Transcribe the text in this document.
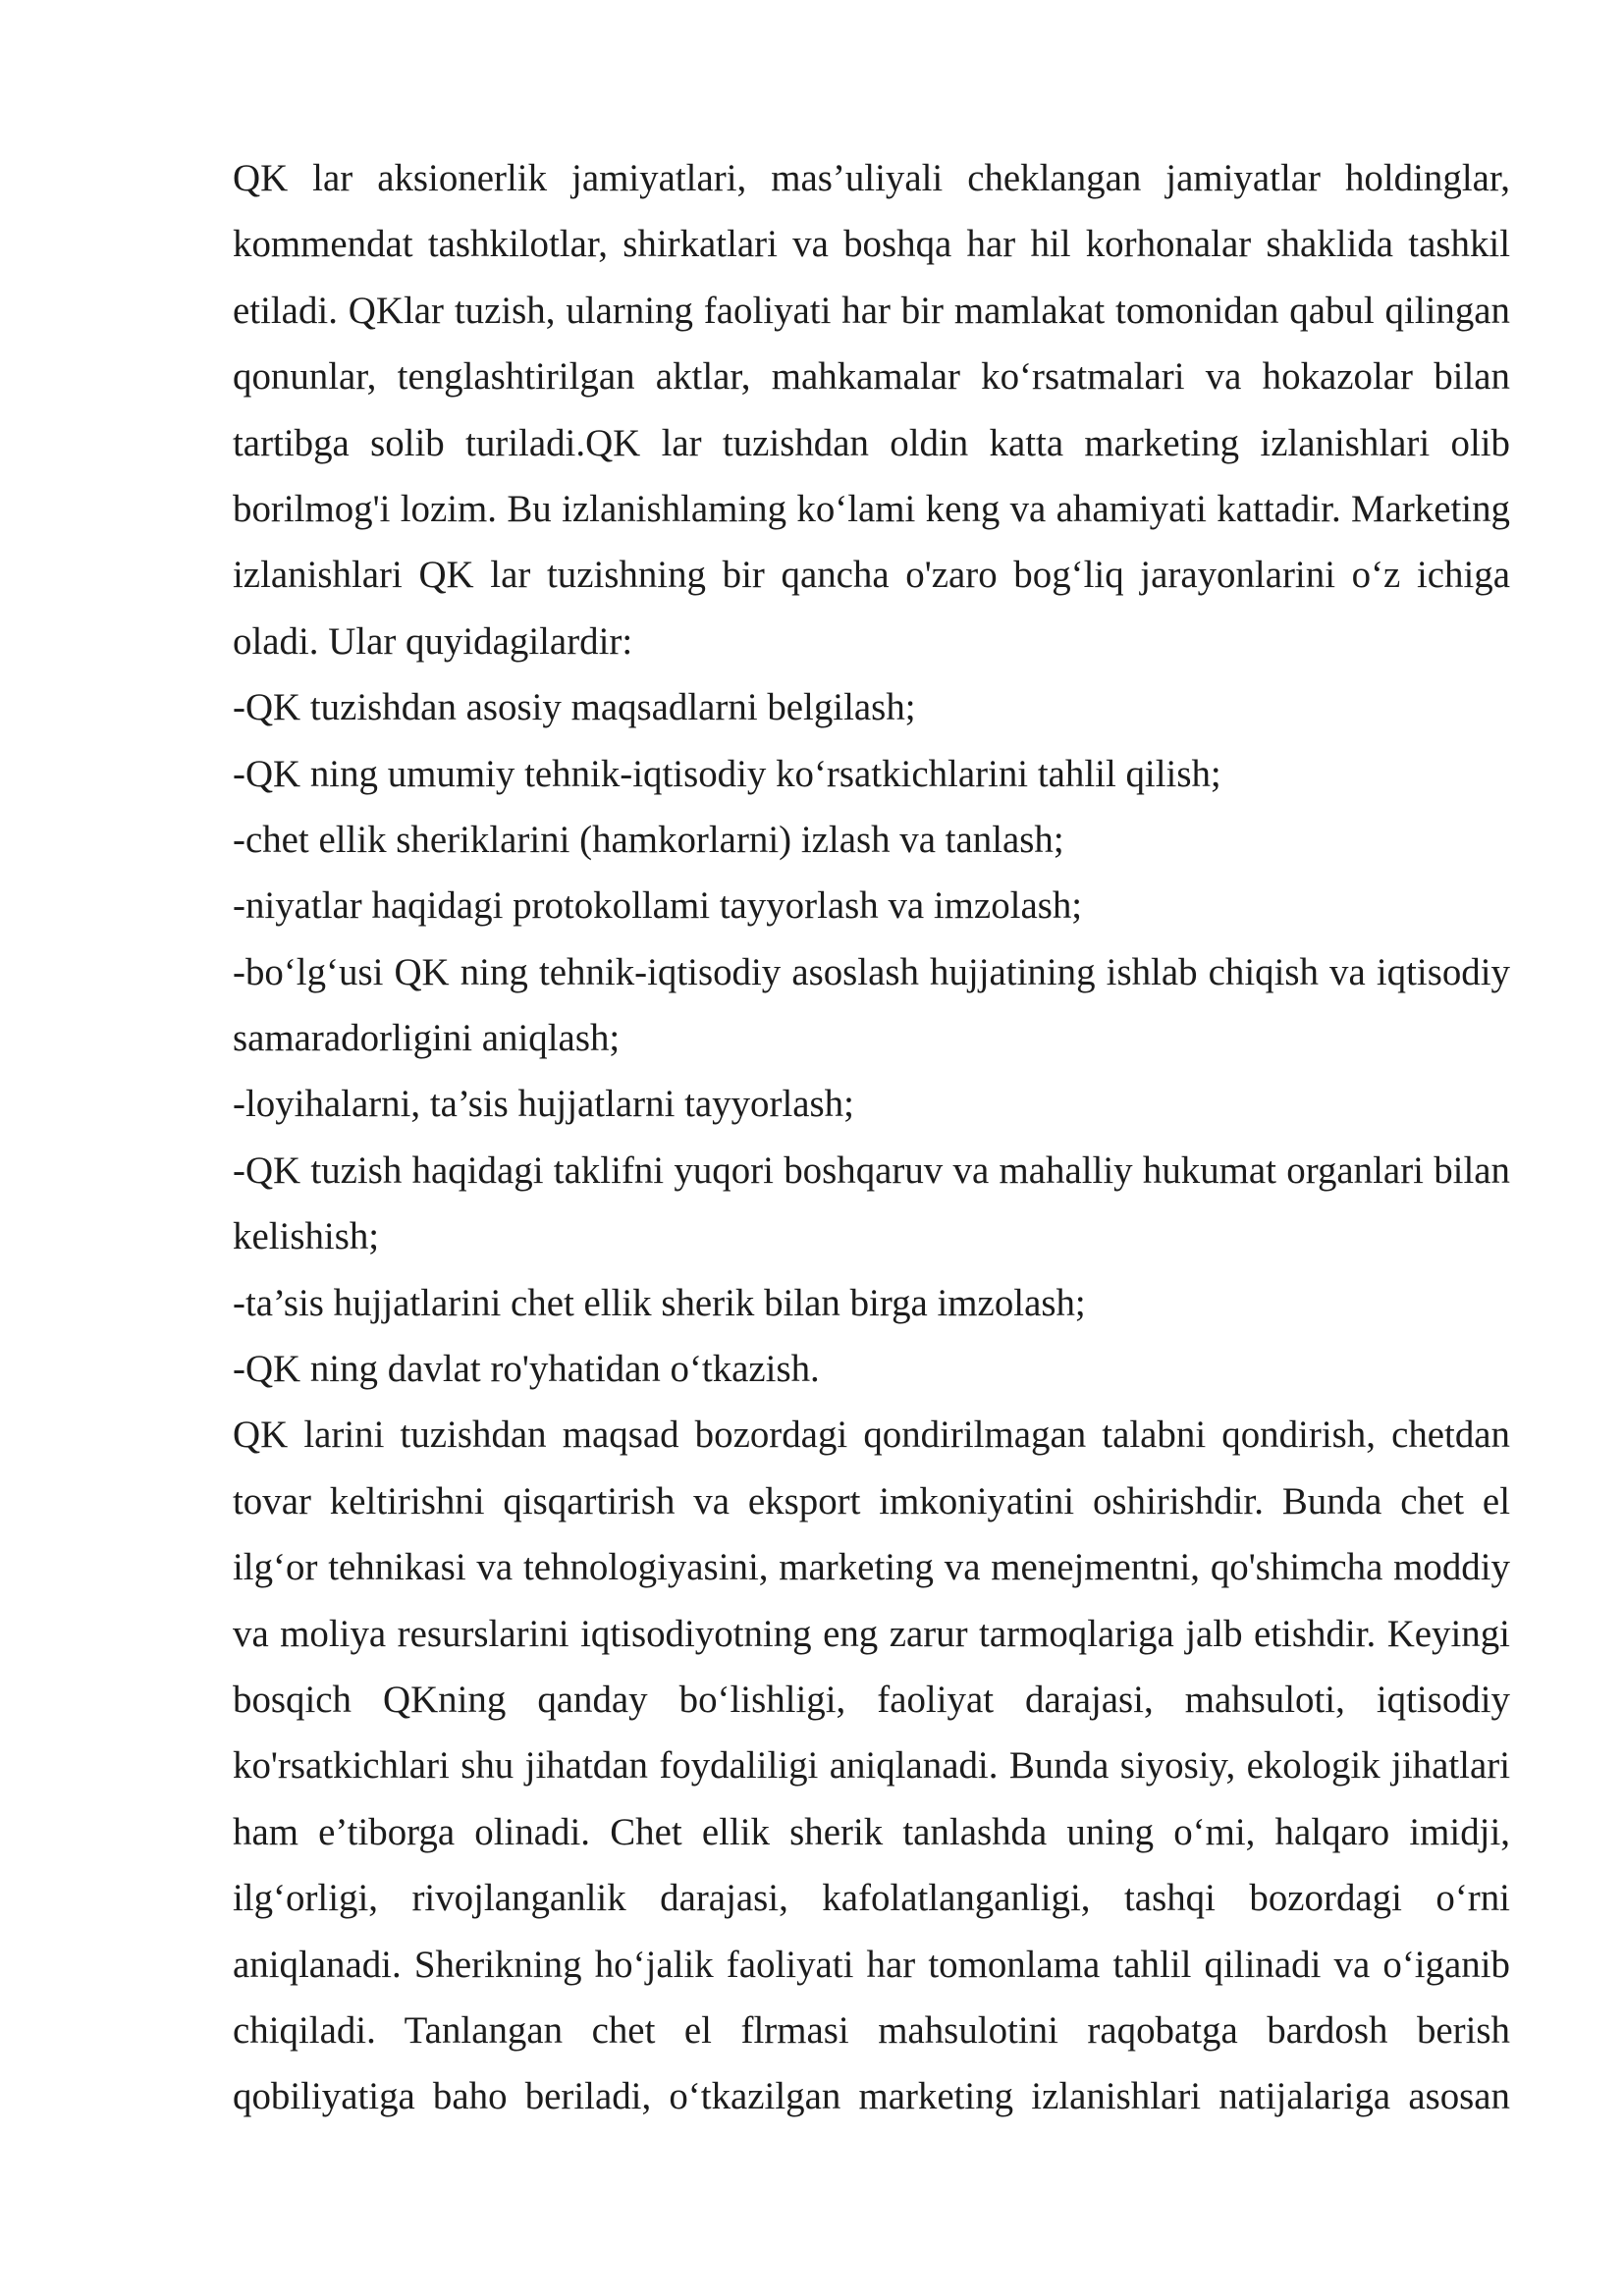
QK lar aksionerlik jamiyatlari, mas’uliyali cheklangan jamiyatlar holdinglar,
kommendat tashkilotlar, shirkatlari va boshqa har hil korhonalar shaklida tashkil
etiladi. QKlar tuzish, ularning faoliyati har bir mamlakat tomonidan qabul qilingan
qonunlar, tenglashtirilgan aktlar, mahkamalar ko‘rsatmalari va hokazolar bilan
tartibga solib turiladi.QK lar tuzishdan oldin katta marketing izlanishlari olib
borilmog'i lozim. Bu izlanishlaming ko‘lami keng va ahamiyati kattadir. Marketing
izlanishlari QK lar tuzishning bir qancha o'zaro bog‘liq jarayonlarini o‘z ichiga
oladi. Ular quyidagilardir:
-QK tuzishdan asosiy maqsadlarni belgilash;
-QK ning umumiy tehnik-iqtisodiy ko‘rsatkichlarini tahlil qilish;
-chet ellik sheriklarini (hamkorlarni) izlash va tanlash;
-niyatlar haqidagi protokollami tayyorlash va imzolash;
-bo‘lg‘usi QK ning tehnik-iqtisodiy asoslash hujjatining ishlab chiqish va iqtisodiy
samaradorligini aniqlash;
-loyihalarni, ta’sis hujjatlarni tayyorlash;
-QK tuzish haqidagi taklifni yuqori boshqaruv va mahalliy hukumat organlari bilan
kelishish;
-ta’sis hujjatlarini chet ellik sherik bilan birga imzolash;
-QK ning davlat ro'yhatidan o‘tkazish.
QK larini tuzishdan maqsad bozordagi qondirilmagan talabni qondirish, chetdan
tovar keltirishni qisqartirish va eksport imkoniyatini oshirishdir. Bunda chet el
ilg‘or tehnikasi va tehnologiyasini, marketing va menejmentni, qo'shimcha moddiy
va moliya resurslarini iqtisodiyotning eng zarur tarmoqlariga jalb etishdir. Keyingi
bosqich QKning qanday bo‘lishligi, faoliyat darajasi, mahsuloti, iqtisodiy
ko'rsatkichlari shu jihatdan foydaliligi aniqlanadi. Bunda siyosiy, ekologik jihatlari
ham e’tiborga olinadi. Chet ellik sherik tanlashda uning o‘mi, halqaro imidji,
ilg‘orligi, rivojlanganlik darajasi, kafolatlanganligi, tashqi bozordagi o‘rni
aniqlanadi. Sherikning ho‘jalik faoliyati har tomonlama tahlil qilinadi va o‘iganib
chiqiladi. Tanlangan chet el flrmasi mahsulotini raqobatga bardosh berish
qobiliyatiga baho beriladi, o‘tkazilgan marketing izlanishlari natijalariga asosan
